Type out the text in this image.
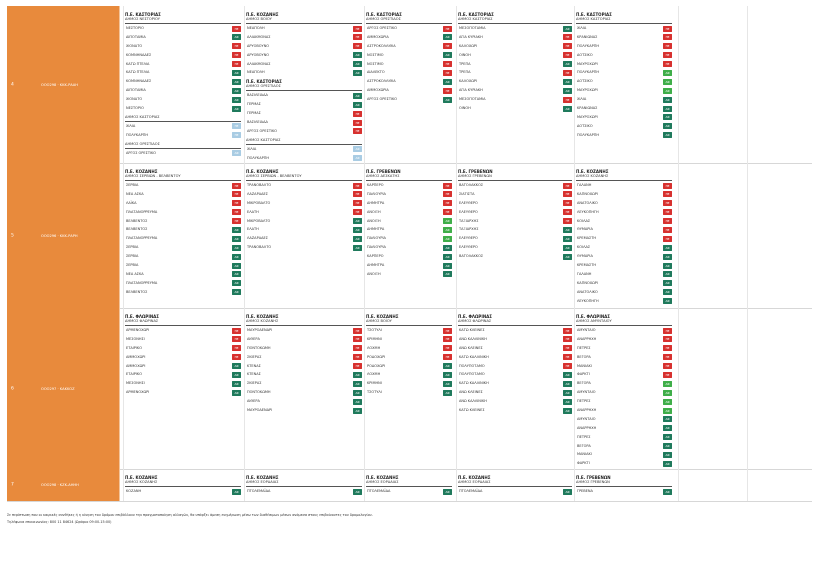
4	ΟΟΟ298 · ΚΚΚ-ΡΑΑΗ
Π.Ε. ΚΑΣΤΟΡΙΑΣ
ΔΗΜΟΣ ΝΕΣΤΟΡΙΟΥ
ΝΕΣΤΟΡΙΟ	ΠΕ
ΔΙΠΟΤΑΜΙΑ	ΑΦ
ΧΙΟΝΑΤΟ	ΠΕ
ΚΟΜΝΗΝΑΔΕΣ	ΠΕ
ΚΑΤΩ ΠΤΕΛΙΑ	ΠΕ
ΚΑΤΩ ΠΤΕΛΙΑ	ΑΦ
ΚΟΜΝΗΝΑΔΕΣ	ΑΦ
ΔΙΠΟΤΑΜΙΑ	ΑΦ
ΧΙΟΝΑΤΟ	ΑΦ
ΝΕΣΤΟΡΙΟ	ΑΦ
ΔΗΜΟΣ ΚΑΣΤΟΡΙΑΣ
ΧΙΛΙΑ	ΠΕ
ΠΟΛΥΚΑΡΠΗ	ΠΕ
ΔΗΜΟΣ ΟΡΕΣΤΙΔΟΣ
ΑΡΓΟΣ ΟΡΕΣΤΙΚΟ	ΑΦ
Π.Ε. ΚΟΖΑΝΗΣ
ΔΗΜΟΣ ΒΟΪΟΥ
ΝΕΑΠΟΛΗ	ΠΕ
ΑΛΙΑΚΜΟΝΑΣ	ΠΕ
ΔΡΥΟΒΟΥΝΟ	ΠΕ
ΔΡΥΟΒΟΥΝΟ	ΑΦ
ΑΛΙΑΚΜΟΝΑΣ	ΑΦ
ΝΕΑΠΟΛΗ	ΑΦ
Π.Ε. ΚΑΣΤΟΡΙΑΣ
ΔΗΜΟΣ ΟΡΕΣΤΙΔΟΣ
ΒΑΣΙΛΕΙΑΔΑ	ΑΦ
ΓΕΡΜΑΣ	ΑΦ
ΓΕΡΜΑΣ	ΠΕ
ΒΑΣΙΛΕΙΑΔΑ	ΠΕ
ΑΡΓΟΣ ΟΡΕΣΤΙΚΟ	ΠΕ
ΔΗΜΟΣ ΚΑΣΤΟΡΙΑΣ
ΧΙΛΙΑ	ΑΦ
ΠΟΛΥΚΑΡΠΗ	ΑΦ
Π.Ε. ΚΑΣΤΟΡΙΑΣ
ΔΗΜΟΣ ΟΡΕΣΤΙΔΟΣ
ΑΡΓΟΣ ΟΡΕΣΤΙΚΟ	ΠΕ
ΑΜΜΟΧΩΡΙΑ	ΑΦ
ΑΣΤΡΟΚΟΛΛΙΘΙΑ	ΠΕ
ΝΟΣΤΙΜΟ	ΑΦ
ΝΟΣΤΙΜΟ	ΠΕ
ΔΙΑΛΕΚΤΟ	ΠΕ
ΑΣΤΡΟΚΟΛΛΙΘΙΑ	ΑΦ
ΑΜΜΟΧΩΡΙΑ	ΠΕ
ΑΡΓΟΣ ΟΡΕΣΤΙΚΟ	ΑΦ
Π.Ε. ΚΑΣΤΟΡΙΑΣ
ΔΗΜΟΣ ΚΑΣΤΟΡΙΑΣ
ΜΕΣΟΠΟΤΑΜΙΑ	ΑΦ
ΑΓΙΑ ΚΥΡΙΑΚΗ	ΠΕ
ΚΑΛΟΧΩΡΙ	ΠΕ
ΟΙΝΟΗ	ΠΕ
ΤΡΕΠΑ	ΑΦ
ΤΡΕΠΑ	ΠΕ
ΚΑΛΟΧΩΡΙ	ΑΦ
ΑΓΙΑ ΚΥΡΙΑΚΗ	ΑΦ
ΜΕΣΟΠΟΤΑΜΙΑ	ΠΕ
ΟΙΝΟΗ	ΑΦ
Π.Ε. ΚΑΣΤΟΡΙΑΣ
ΔΗΜΟΣ ΚΑΣΤΟΡΙΑΣ
ΧΙΛΙΑ	ΠΕ
ΚΡΑΝΙΩΝΑΣ	ΠΕ
ΠΟΛΥΚΑΡΠΗ	ΠΕ
ΔΟΤΣΙΚΟ	ΠΕ
ΜΑΥΡΟΧΩΡΙ	ΠΕ
ΠΟΛΥΚΑΡΠΗ	ΑΦ
ΔΟΤΣΙΚΟ	ΑΦ
ΜΑΥΡΟΧΩΡΙ	ΑΦ
ΧΙΛΙΑ	ΑΦ
ΚΡΑΝΙΩΝΑΣ	ΑΦ
ΜΑΥΡΟΧΩΡΙ	ΑΦ
ΔΟΤΣΙΚΟ	ΑΦ
ΠΟΛΥΚΑΡΠΗ	ΑΦ
5	ΟΟΟ296 · ΚΚΚ-ΡΑΡΗ
Π.Ε. ΚΟΖΑΝΗΣ
ΔΗΜΟΣ ΣΕΡΒΙΩΝ - ΒΕΛΒΕΝΤΟΥ
ΣΕΡΒΙΑ	ΠΕ
ΝΕΑ ΑΣΚΑ	ΠΕ
ΛΑΪΚΑ	ΠΕ
ΠΛΑΤΑΝΟΡΡΕΥΜΑ	ΠΕ
ΒΕΛΒΕΝΤΟΣ	ΠΕ
ΒΕΛΒΕΝΤΟΣ	ΑΦ
ΠΛΑΤΑΝΟΡΡΕΥΜΑ	ΑΦ
ΣΕΡΒΙΑ	ΑΦ
ΣΕΡΒΙΑ	ΑΦ
ΣΕΡΒΙΑ	ΑΦ
ΝΕΑ ΑΣΚΑ	ΑΦ
ΠΛΑΤΑΝΟΡΡΕΥΜΑ	ΑΦ
ΒΕΛΒΕΝΤΟΣ	ΑΦ
Π.Ε. ΚΟΖΑΝΗΣ
ΔΗΜΟΣ ΣΕΡΒΙΩΝ - ΒΕΛΒΕΝΤΟΥ
ΤΡΑΝΟΒΑΛΤΟ	ΠΕ
ΛΑΖΑΡΑΔΕΣ	ΠΕ
ΜΙΚΡΟΒΑΛΤΟ	ΠΕ
ΕΛΑΤΗ	ΠΕ
ΜΙΚΡΟΒΑΛΤΟ	ΑΦ
ΕΛΑΤΗ	ΑΦ
ΛΑΖΑΡΑΔΕΣ	ΑΦ
ΤΡΑΝΟΒΑΛΤΟ	ΑΦ
Π.Ε. ΓΡΕΒΕΝΩΝ
ΔΗΜΟΣ ΔΕΣΚΑΤΗΣ
ΚΑΡΠΕΡΟ	ΠΕ
ΠΑΛΙΟΥΡΙΑ	ΠΕ
ΔΗΜΗΤΡΑ	ΠΕ
ΑΝΟΙΞΗ	ΠΕ
ΑΝΟΙΞΗ	ΑΦ
ΔΗΜΗΤΡΑ	ΑΦ
ΠΑΛΙΟΥΡΙΑ	ΑΦ
ΠΑΛΙΟΥΡΙΑ	ΑΦ
ΚΑΡΠΕΡΟ	ΑΦ
ΔΗΜΗΤΡΑ	ΑΦ
ΑΝΟΙΞΗ	ΑΦ
Π.Ε. ΓΡΕΒΕΝΩΝ
ΔΗΜΟΣ ΓΡΕΒΕΝΩΝ
ΒΑΤΟΛΑΚΚΟΣ	ΠΕ
ΣΙΑΤΙΣΤΑ	ΠΕ
ΕΛΕΥΘΕΡΟ	ΠΕ
ΕΛΕΥΘΕΡΟ	ΠΕ
ΤΑΞΙΑΡΧΗΣ	ΠΕ
ΤΑΞΙΑΡΧΗΣ	ΑΦ
ΕΛΕΥΘΕΡΟ	ΑΦ
ΕΛΕΥΘΕΡΟ	ΑΦ
ΒΑΤΟΛΑΚΚΟΣ	ΑΦ
Π.Ε. ΚΟΖΑΝΗΣ
ΔΗΜΟΣ ΚΟΖΑΝΗΣ
ΓΑΛΑΝΗ	ΠΕ
ΚΑΠΝΟΧΩΡΙ	ΠΕ
ΑΝΑΤΟΛΙΚΟ	ΠΕ
ΛΕΥΚΟΠΗΓΗ	ΠΕ
ΚΟΙΛΑΣ	ΠΕ
ΘΥΜΑΡΙΑ	ΠΕ
ΚΡΕΜΑΣΤΗ	ΠΕ
ΚΟΙΛΑΣ	ΑΦ
ΘΥΜΑΡΙΑ	ΑΦ
ΚΡΕΜΑΣΤΗ	ΑΦ
ΓΑΛΑΝΗ	ΑΦ
ΚΑΠΝΟΧΩΡΙ	ΑΦ
ΑΝΑΤΟΛΙΚΟ	ΑΦ
ΛΕΥΚΟΠΗΓΗ	ΑΦ
6	ΟΟΟ297 · ΚΑΚΚΟΖ
Π.Ε. ΦΛΩΡΙΝΑΣ
ΔΗΜΟΣ ΦΛΩΡΙΝΑΣ
ΑΡΜΕΝΟΧΩΡΙ	ΠΕ
ΜΕΣΟΝΗΣΙ	ΠΕ
ΕΤΑΙΡΙΚΟ	ΠΕ
ΑΜΜΟΧΩΡΙ	ΠΕ
ΑΜΜΟΧΩΡΙ	ΑΦ
ΕΤΑΙΡΙΚΟ	ΑΦ
ΜΕΣΟΝΗΣΙ	ΑΦ
ΑΡΜΕΝΟΧΩΡΙ	ΑΦ
Π.Ε. ΚΟΖΑΝΗΣ
ΔΗΜΟΣ ΚΟΖΑΝΗΣ
ΜΑΥΡΟΔΕΝΔΡΙ	ΠΕ
ΑΙΘΕΡΑ	ΠΕ
ΠΟΝΤΟΚΩΜΗ	ΠΕ
ΣΚΙΕΡΑΣ	ΠΕ
ΚΤΕΝΑΣ	ΠΕ
ΚΤΕΝΑΣ	ΑΦ
ΣΚΙΕΡΑΣ	ΑΦ
ΠΟΝΤΟΚΩΜΗ	ΑΦ
ΑΙΘΕΡΑ	ΑΦ
ΜΑΥΡΟΔΕΝΔΡΙ	ΑΦ
Π.Ε. ΚΟΖΑΝΗΣ
ΔΗΜΟΣ ΒΟΪΟΥ
ΤΣΟΤΥΛΙ	ΠΕ
ΚΡΙΜΗΝΙ	ΠΕ
ΛΟΧΜΗ	ΠΕ
ΡΟΔΟΧΩΡΙ	ΠΕ
ΡΟΔΟΧΩΡΙ	ΑΦ
ΛΟΧΜΗ	ΑΦ
ΚΡΙΜΗΝΙ	ΑΦ
ΤΣΟΤΥΛΙ	ΑΦ
Π.Ε. ΦΛΩΡΙΝΑΣ
ΔΗΜΟΣ ΦΛΩΡΙΝΑΣ
ΚΑΤΩ ΚΛΕΙΝΕΣ	ΠΕ
ΑΝΩ ΚΑΛΛΙΝΙΚΗ	ΠΕ
ΑΝΩ ΚΛΕΙΝΕΣ	ΠΕ
ΚΑΤΩ ΚΑΛΛΙΝΙΚΗ	ΠΕ
ΠΟΛΥΠΟΤΑΜΟ	ΠΕ
ΠΟΛΥΠΟΤΑΜΟ	ΑΦ
ΚΑΤΩ ΚΑΛΛΙΝΙΚΗ	ΑΦ
ΑΝΩ ΚΛΕΙΝΕΣ	ΑΦ
ΑΝΩ ΚΑΛΛΙΝΙΚΗ	ΑΦ
ΚΑΤΩ ΚΛΕΙΝΕΣ	ΑΦ
Π.Ε. ΦΛΩΡΙΝΑΣ
ΔΗΜΟΣ ΑΜΥΝΤΑΙΟΥ
ΑΜΥΝΤΑΙΟ	ΠΕ
ΑΝΑΡΡΗΧΗ	ΠΕ
ΠΕΤΡΕΣ	ΠΕ
ΒΕΓΟΡΑ	ΠΕ
ΜΑΝΙΑΚΙ	ΠΕ
ΦΑΡΚΤΙ	ΠΕ
ΒΕΓΟΡΑ	ΑΦ
ΑΜΥΝΤΑΙΟ	ΑΦ
ΠΕΤΡΕΣ	ΑΦ
ΑΝΑΡΡΗΧΗ	ΑΦ
ΑΜΥΝΤΑΙΟ	ΑΦ
ΑΝΑΡΡΗΧΗ	ΑΦ
ΠΕΤΡΕΣ	ΑΦ
ΒΕΓΟΡΑ	ΑΦ
ΜΑΝΙΑΚΙ	ΑΦ
ΦΑΡΚΤΙ	ΑΦ
7	ΟΟΟ298 · ΚΖΚ-ΑΗΗΗ
Π.Ε. ΚΟΖΑΝΗΣ
ΔΗΜΟΣ ΚΟΖΑΝΗΣ
ΚΟΖΑΝΗ	ΑΦ
Π.Ε. ΚΟΖΑΝΗΣ
ΔΗΜΟΣ ΕΟΡΔΑΙΑΣ
ΠΤΟΛΕΜΑΪΔΑ	ΑΦ
Π.Ε. ΚΟΖΑΝΗΣ
ΔΗΜΟΣ ΕΟΡΔΑΙΑΣ
ΠΤΟΛΕΜΑΪΔΑ	ΑΦ
Π.Ε. ΚΟΖΑΝΗΣ
ΔΗΜΟΣ ΕΟΡΔΑΙΑΣ
ΠΤΟΛΕΜΑΪΔΑ	ΑΦ
Π.Ε. ΓΡΕΒΕΝΩΝ
ΔΗΜΟΣ ΓΡΕΒΕΝΩΝ
ΓΡΕΒΕΝΑ	ΑΦ
Σε περίπτωση που οι καιρικές συνθήκες ή η κίνηση του δρόμου επιβάλλουν την πραγματοποίηση αλλαγών, θα υπάρξει άμεση ενημέρωση μέσω των διαθέσιμων μέσων ανάμεσα στους επιβαίνοντες του δρομολογίου.
Τηλέφωνα επικοινωνίας: 800 11 84624 (Ωράριο 09:00-15:00)
